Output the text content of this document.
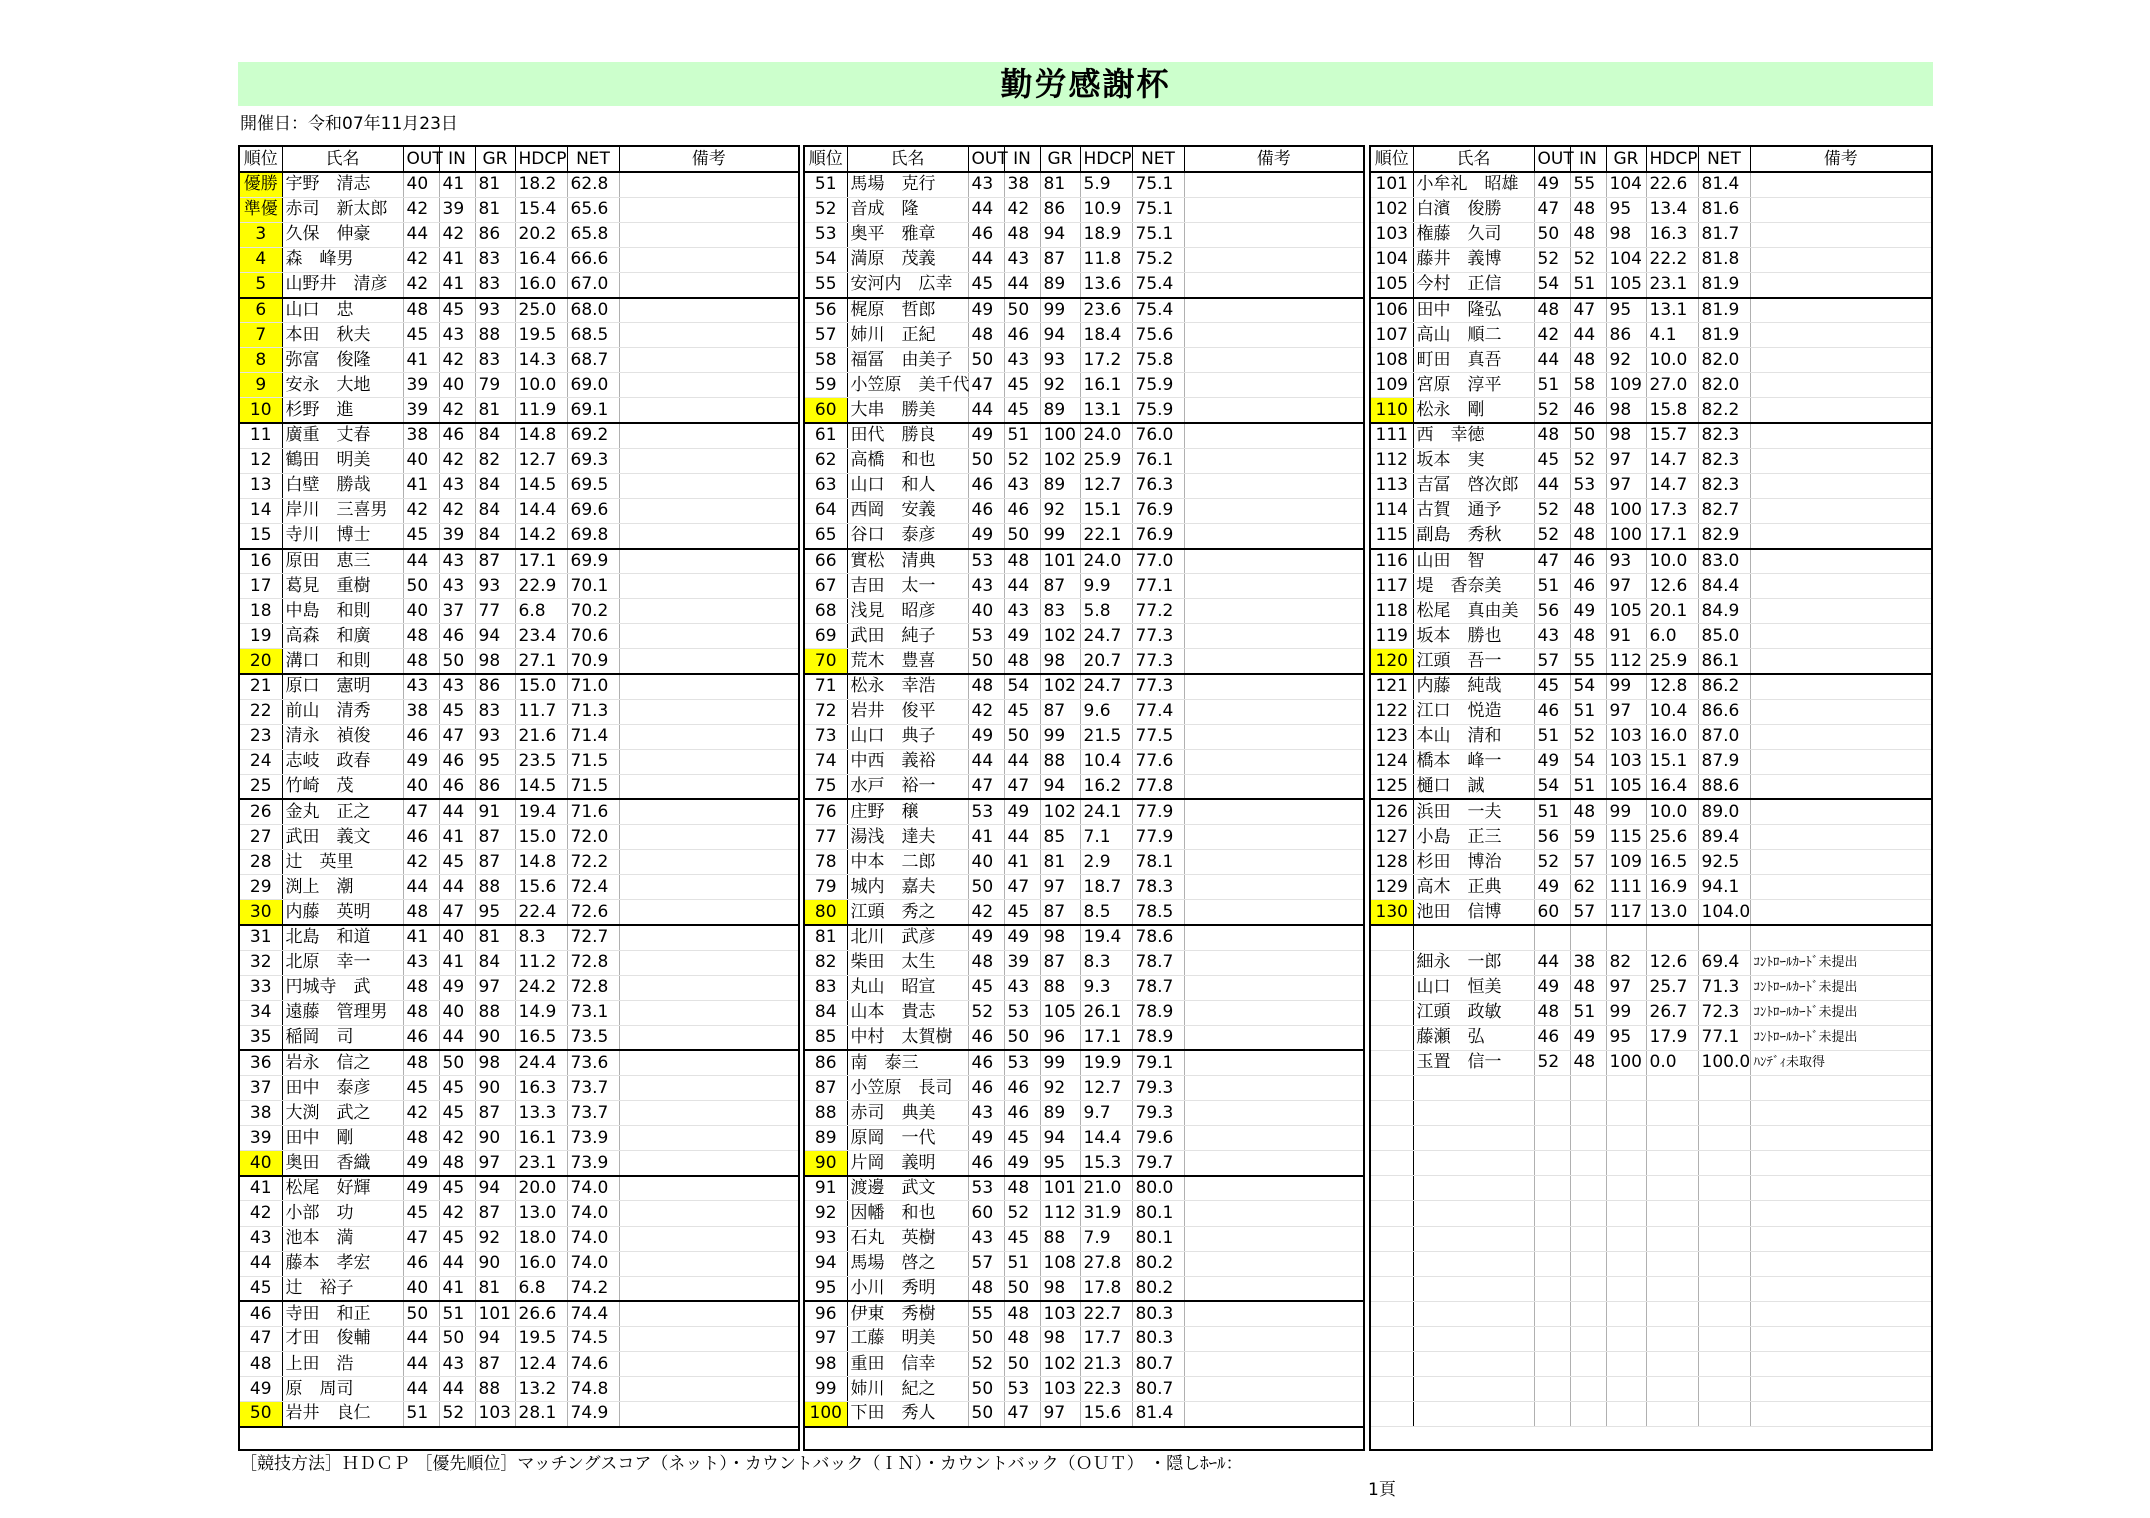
勤労感謝杯
開催日：令和07年11月23日
順位	氏名	OUT	IN	GR	HDCP	NET	備考
優勝	宇野　清志	40	41	81	18.2	62.8	
準優	赤司　新太郎	42	39	81	15.4	65.6	
3	久保　伸豪	44	42	86	20.2	65.8	
4	森　峰男	42	41	83	16.4	66.6	
5	山野井　清彦	42	41	83	16.0	67.0	
6	山口　忠	48	45	93	25.0	68.0	
7	本田　秋夫	45	43	88	19.5	68.5	
8	弥富　俊隆	41	42	83	14.3	68.7	
9	安永　大地	39	40	79	10.0	69.0	
10	杉野　進	39	42	81	11.9	69.1	
11	廣重　丈春	38	46	84	14.8	69.2	
12	鶴田　明美	40	42	82	12.7	69.3	
13	白壁　勝哉	41	43	84	14.5	69.5	
14	岸川　三喜男	42	42	84	14.4	69.6	
15	寺川　博士	45	39	84	14.2	69.8	
16	原田　恵三	44	43	87	17.1	69.9	
17	葛見　重樹	50	43	93	22.9	70.1	
18	中島　和則	40	37	77	6.8	70.2	
19	高森　和廣	48	46	94	23.4	70.6	
20	溝口　和則	48	50	98	27.1	70.9	
21	原口　憲明	43	43	86	15.0	71.0	
22	前山　清秀	38	45	83	11.7	71.3	
23	清永　禎俊	46	47	93	21.6	71.4	
24	志岐　政春	49	46	95	23.5	71.5	
25	竹崎　茂	40	46	86	14.5	71.5	
26	金丸　正之	47	44	91	19.4	71.6	
27	武田　義文	46	41	87	15.0	72.0	
28	辻　英里	42	45	87	14.8	72.2	
29	渕上　潮	44	44	88	15.6	72.4	
30	内藤　英明	48	47	95	22.4	72.6	
31	北島　和道	41	40	81	8.3	72.7	
32	北原　幸一	43	41	84	11.2	72.8	
33	円城寺　武	48	49	97	24.2	72.8	
34	遠藤　管理男	48	40	88	14.9	73.1	
35	稲岡　司	46	44	90	16.5	73.5	
36	岩永　信之	48	50	98	24.4	73.6	
37	田中　泰彦	45	45	90	16.3	73.7	
38	大渕　武之	42	45	87	13.3	73.7	
39	田中　剛	48	42	90	16.1	73.9	
40	奥田　香織	49	48	97	23.1	73.9	
41	松尾　好輝	49	45	94	20.0	74.0	
42	小部　功	45	42	87	13.0	74.0	
43	池本　満	47	45	92	18.0	74.0	
44	藤本　孝宏	46	44	90	16.0	74.0	
45	辻　裕子	40	41	81	6.8	74.2	
46	寺田　和正	50	51	101	26.6	74.4	
47	才田　俊輔	44	50	94	19.5	74.5	
48	上田　浩	44	43	87	12.4	74.6	
49	原　周司	44	44	88	13.2	74.8	
50	岩井　良仁	51	52	103	28.1	74.9	
順位	氏名	OUT	IN	GR	HDCP	NET	備考
51	馬場　克行	43	38	81	5.9	75.1	
52	音成　隆	44	42	86	10.9	75.1	
53	奥平　雅章	46	48	94	18.9	75.1	
54	満原　茂義	44	43	87	11.8	75.2	
55	安河内　広幸	45	44	89	13.6	75.4	
56	梶原　哲郎	49	50	99	23.6	75.4	
57	姉川　正紀	48	46	94	18.4	75.6	
58	福冨　由美子	50	43	93	17.2	75.8	
59	小笠原　美千代	47	45	92	16.1	75.9	
60	大串　勝美	44	45	89	13.1	75.9	
61	田代　勝良	49	51	100	24.0	76.0	
62	高橋　和也	50	52	102	25.9	76.1	
63	山口　和人	46	43	89	12.7	76.3	
64	西岡　安義	46	46	92	15.1	76.9	
65	谷口　泰彦	49	50	99	22.1	76.9	
66	實松　清典	53	48	101	24.0	77.0	
67	吉田　太一	43	44	87	9.9	77.1	
68	浅見　昭彦	40	43	83	5.8	77.2	
69	武田　純子	53	49	102	24.7	77.3	
70	荒木　豊喜	50	48	98	20.7	77.3	
71	松永　幸浩	48	54	102	24.7	77.3	
72	岩井　俊平	42	45	87	9.6	77.4	
73	山口　典子	49	50	99	21.5	77.5	
74	中西　義裕	44	44	88	10.4	77.6	
75	水戸　裕一	47	47	94	16.2	77.8	
76	庄野　穣	53	49	102	24.1	77.9	
77	湯浅　達夫	41	44	85	7.1	77.9	
78	中本　二郎	40	41	81	2.9	78.1	
79	城内　嘉夫	50	47	97	18.7	78.3	
80	江頭　秀之	42	45	87	8.5	78.5	
81	北川　武彦	49	49	98	19.4	78.6	
82	柴田　太生	48	39	87	8.3	78.7	
83	丸山　昭宣	45	43	88	9.3	78.7	
84	山本　貴志	52	53	105	26.1	78.9	
85	中村　太賀樹	46	50	96	17.1	78.9	
86	南　泰三	46	53	99	19.9	79.1	
87	小笠原　長司	46	46	92	12.7	79.3	
88	赤司　典美	43	46	89	9.7	79.3	
89	原岡　一代	49	45	94	14.4	79.6	
90	片岡　義明	46	49	95	15.3	79.7	
91	渡邊　武文	53	48	101	21.0	80.0	
92	因幡　和也	60	52	112	31.9	80.1	
93	石丸　英樹	43	45	88	7.9	80.1	
94	馬場　啓之	57	51	108	27.8	80.2	
95	小川　秀明	48	50	98	17.8	80.2	
96	伊東　秀樹	55	48	103	22.7	80.3	
97	工藤　明美	50	48	98	17.7	80.3	
98	重田　信幸	52	50	102	21.3	80.7	
99	姉川　紀之	50	53	103	22.3	80.7	
100	下田　秀人	50	47	97	15.6	81.4	
順位	氏名	OUT	IN	GR	HDCP	NET	備考
101	小牟礼　昭雄	49	55	104	22.6	81.4	
102	白濱　俊勝	47	48	95	13.4	81.6	
103	権藤　久司	50	48	98	16.3	81.7	
104	藤井　義博	52	52	104	22.2	81.8	
105	今村　正信	54	51	105	23.1	81.9	
106	田中　隆弘	48	47	95	13.1	81.9	
107	高山　順二	42	44	86	4.1	81.9	
108	町田　真吾	44	48	92	10.0	82.0	
109	宮原　淳平	51	58	109	27.0	82.0	
110	松永　剛	52	46	98	15.8	82.2	
111	西　幸徳	48	50	98	15.7	82.3	
112	坂本　実	45	52	97	14.7	82.3	
113	吉冨　啓次郎	44	53	97	14.7	82.3	
114	古賀　通予	52	48	100	17.3	82.7	
115	副島　秀秋	52	48	100	17.1	82.9	
116	山田　智	47	46	93	10.0	83.0	
117	堤　香奈美	51	46	97	12.6	84.4	
118	松尾　真由美	56	49	105	20.1	84.9	
119	坂本　勝也	43	48	91	6.0	85.0	
120	江頭　吾一	57	55	112	25.9	86.1	
121	内藤　純哉	45	54	99	12.8	86.2	
122	江口　悦造	46	51	97	10.4	86.6	
123	本山　清和	51	52	103	16.0	87.0	
124	橋本　峰一	49	54	103	15.1	87.9	
125	樋口　誠	54	51	105	16.4	88.6	
126	浜田　一夫	51	48	99	10.0	89.0	
127	小島　正三	56	59	115	25.6	89.4	
128	杉田　博治	52	57	109	16.5	92.5	
129	高木　正典	49	62	111	16.9	94.1	
130	池田　信博	60	57	117	13.0	104.0	

	細永　一郎	44	38	82	12.6	69.4	ｺﾝﾄﾛｰﾙｶｰﾄﾞ未提出
	山口　恒美	49	48	97	25.7	71.3	ｺﾝﾄﾛｰﾙｶｰﾄﾞ未提出
	江頭　政敏	48	51	99	26.7	72.3	ｺﾝﾄﾛｰﾙｶｰﾄﾞ未提出
	藤瀬　弘	46	49	95	17.9	77.1	ｺﾝﾄﾛｰﾙｶｰﾄﾞ未提出
	玉置　信一	52	48	100	0.0	100.0	ﾊﾝﾃﾞｨ未取得

［競技方法］ＨＤＣＰ ［優先順位］マッチングスコア（ネット）・カウントバック（ＩＮ）・カウントバック（ＯＵＴ） ・隠しﾎｰﾙ：
1頁
